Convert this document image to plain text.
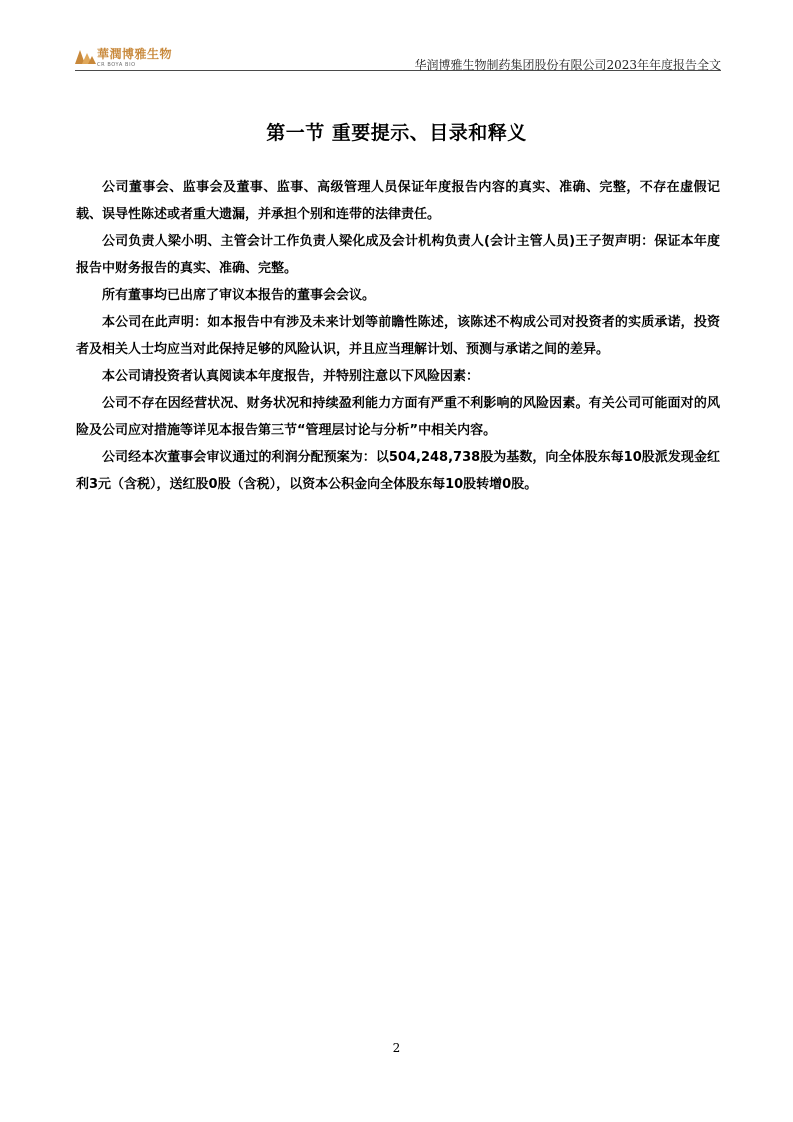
華潤博雅生物
CR BOYA BIO	华润博雅生物制药集团股份有限公司2023年年度报告全文
第一节 重要提示、目录和释义

公司董事会、监事会及董事、监事、高级管理人员保证年度报告内容的真实、准确、完整，不存在虚假记载、误导性陈述或者重大遗漏，并承担个别和连带的法律责任。

公司负责人梁小明、主管会计工作负责人梁化成及会计机构负责人(会计主管人员)王子贺声明：保证本年度报告中财务报告的真实、准确、完整。

所有董事均已出席了审议本报告的董事会会议。

本公司在此声明：如本报告中有涉及未来计划等前瞻性陈述，该陈述不构成公司对投资者的实质承诺，投资者及相关人士均应当对此保持足够的风险认识，并且应当理解计划、预测与承诺之间的差异。

本公司请投资者认真阅读本年度报告，并特别注意以下风险因素：

公司不存在因经营状况、财务状况和持续盈利能力方面有严重不利影响的风险因素。有关公司可能面对的风险及公司应对措施等详见本报告第三节“管理层讨论与分析”中相关内容。

公司经本次董事会审议通过的利润分配预案为：以504,248,738股为基数，向全体股东每10股派发现金红利3元（含税），送红股0股（含税），以资本公积金向全体股东每10股转增0股。

2
